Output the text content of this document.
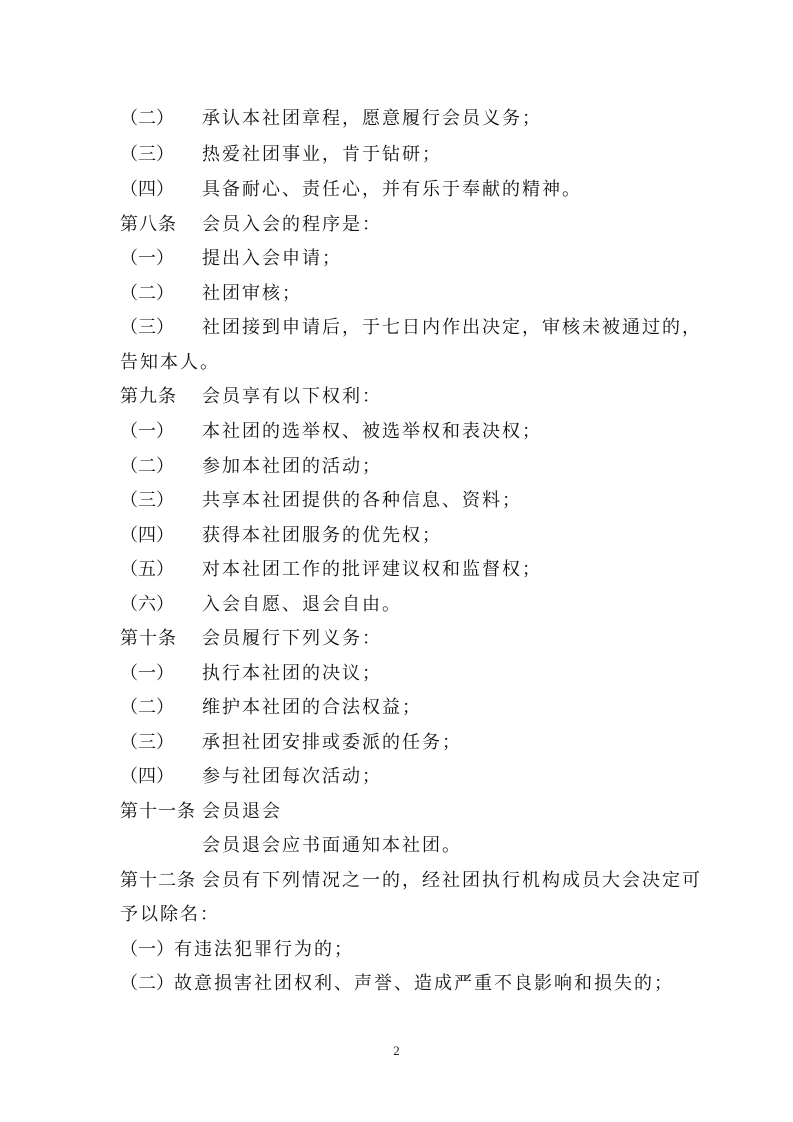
（二） 承认本社团章程，愿意履行会员义务；
（三） 热爱社团事业，肯于钻研；
（四） 具备耐心、责任心，并有乐于奉献的精神。
第八条 会员入会的程序是：
（一） 提出入会申请；
（二） 社团审核；
（三） 社团接到申请后，于七日内作出决定，审核未被通过的，
告知本人。
第九条 会员享有以下权利：
（一） 本社团的选举权、被选举权和表决权；
（二） 参加本社团的活动；
（三） 共享本社团提供的各种信息、资料；
（四） 获得本社团服务的优先权；
（五） 对本社团工作的批评建议权和监督权；
（六） 入会自愿、退会自由。
第十条 会员履行下列义务：
（一） 执行本社团的决议；
（二） 维护本社团的合法权益；
（三） 承担社团安排或委派的任务；
（四） 参与社团每次活动；
第十一条 会员退会
会员退会应书面通知本社团。
第十二条 会员有下列情况之一的，经社团执行机构成员大会决定可
予以除名：
（一）有违法犯罪行为的；
（二）故意损害社团权利、声誉、造成严重不良影响和损失的；
2
